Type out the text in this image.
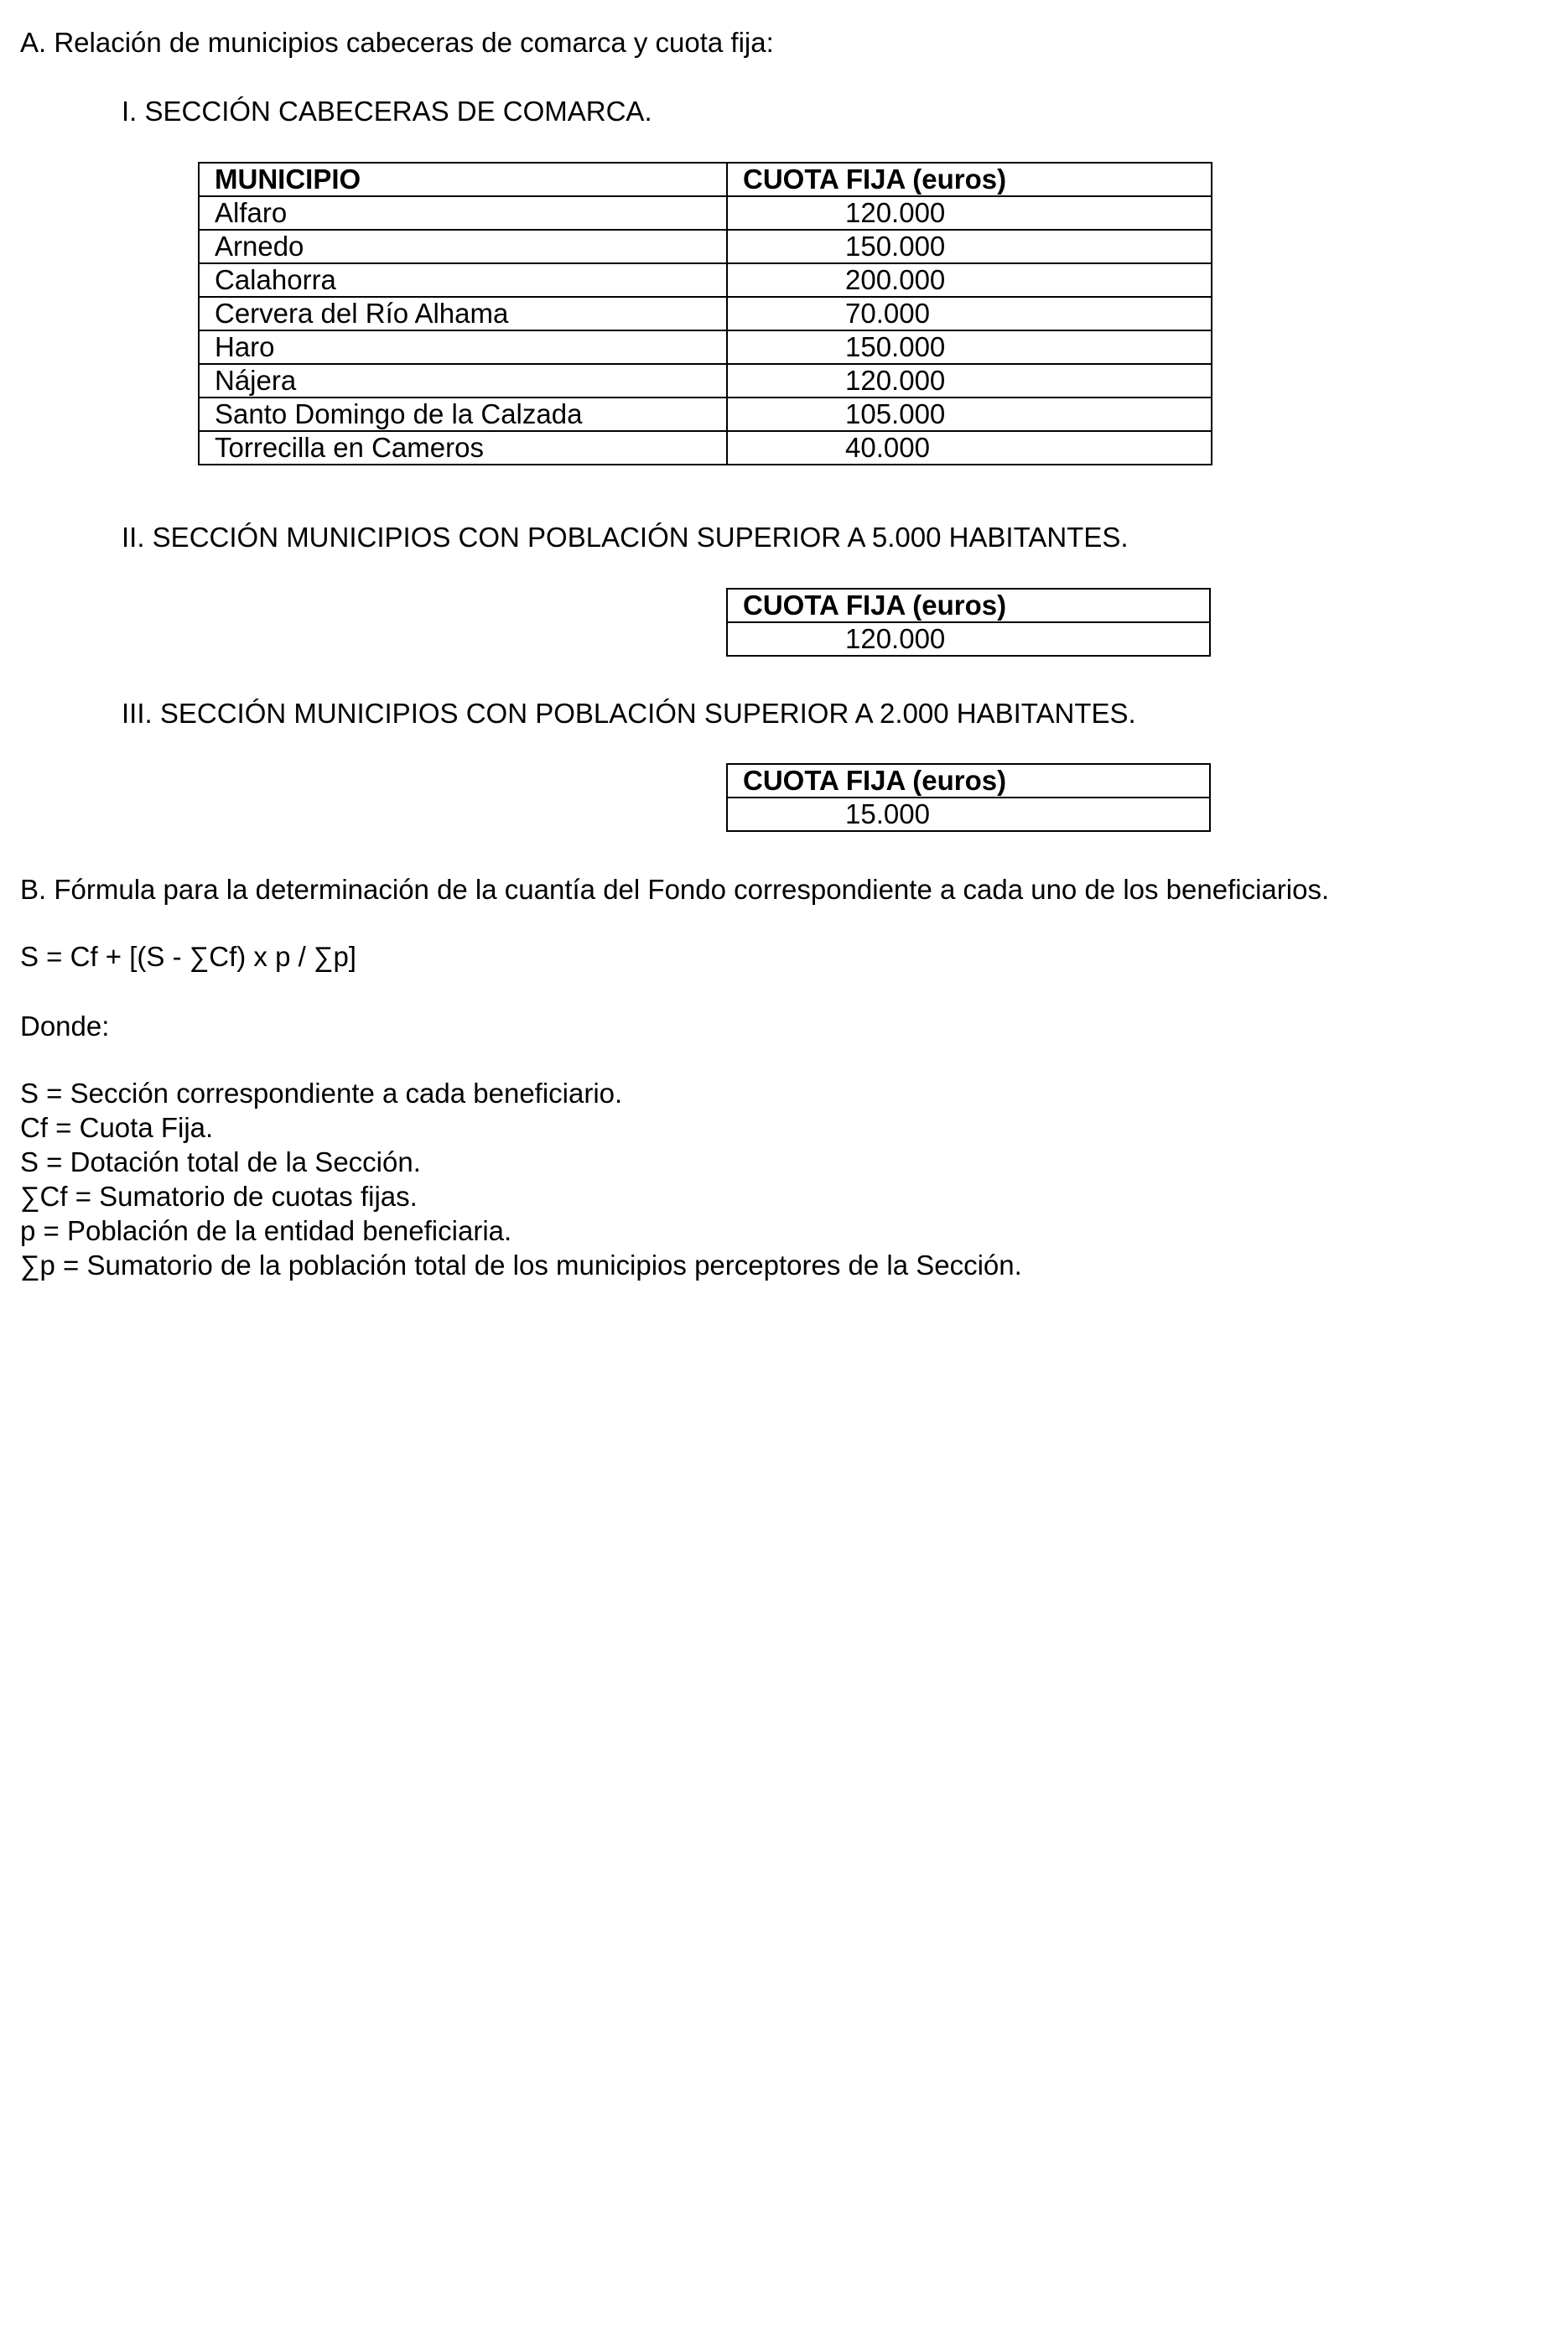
A. Relación de municipios cabeceras de comarca y cuota fija:

I. SECCIÓN CABECERAS DE COMARCA.

MUNICIPIO	CUOTA FIJA (euros)
Alfaro	120.000
Arnedo	150.000
Calahorra	200.000
Cervera del Río Alhama	70.000
Haro	150.000
Nájera	120.000
Santo Domingo de la Calzada	105.000
Torrecilla en Cameros	40.000

II. SECCIÓN MUNICIPIOS CON POBLACIÓN SUPERIOR A 5.000 HABITANTES.

CUOTA FIJA (euros)
120.000

III. SECCIÓN MUNICIPIOS CON POBLACIÓN SUPERIOR A 2.000 HABITANTES.

CUOTA FIJA (euros)
15.000

B. Fórmula para la determinación de la cuantía del Fondo correspondiente a cada uno de los beneficiarios.

S = Cf + [(S - ∑Cf) x p / ∑p]

Donde:

S = Sección correspondiente a cada beneficiario.
Cf = Cuota Fija.
S = Dotación total de la Sección.
∑Cf = Sumatorio de cuotas fijas.
p = Población de la entidad beneficiaria.
∑p = Sumatorio de la población total de los municipios perceptores de la Sección.
